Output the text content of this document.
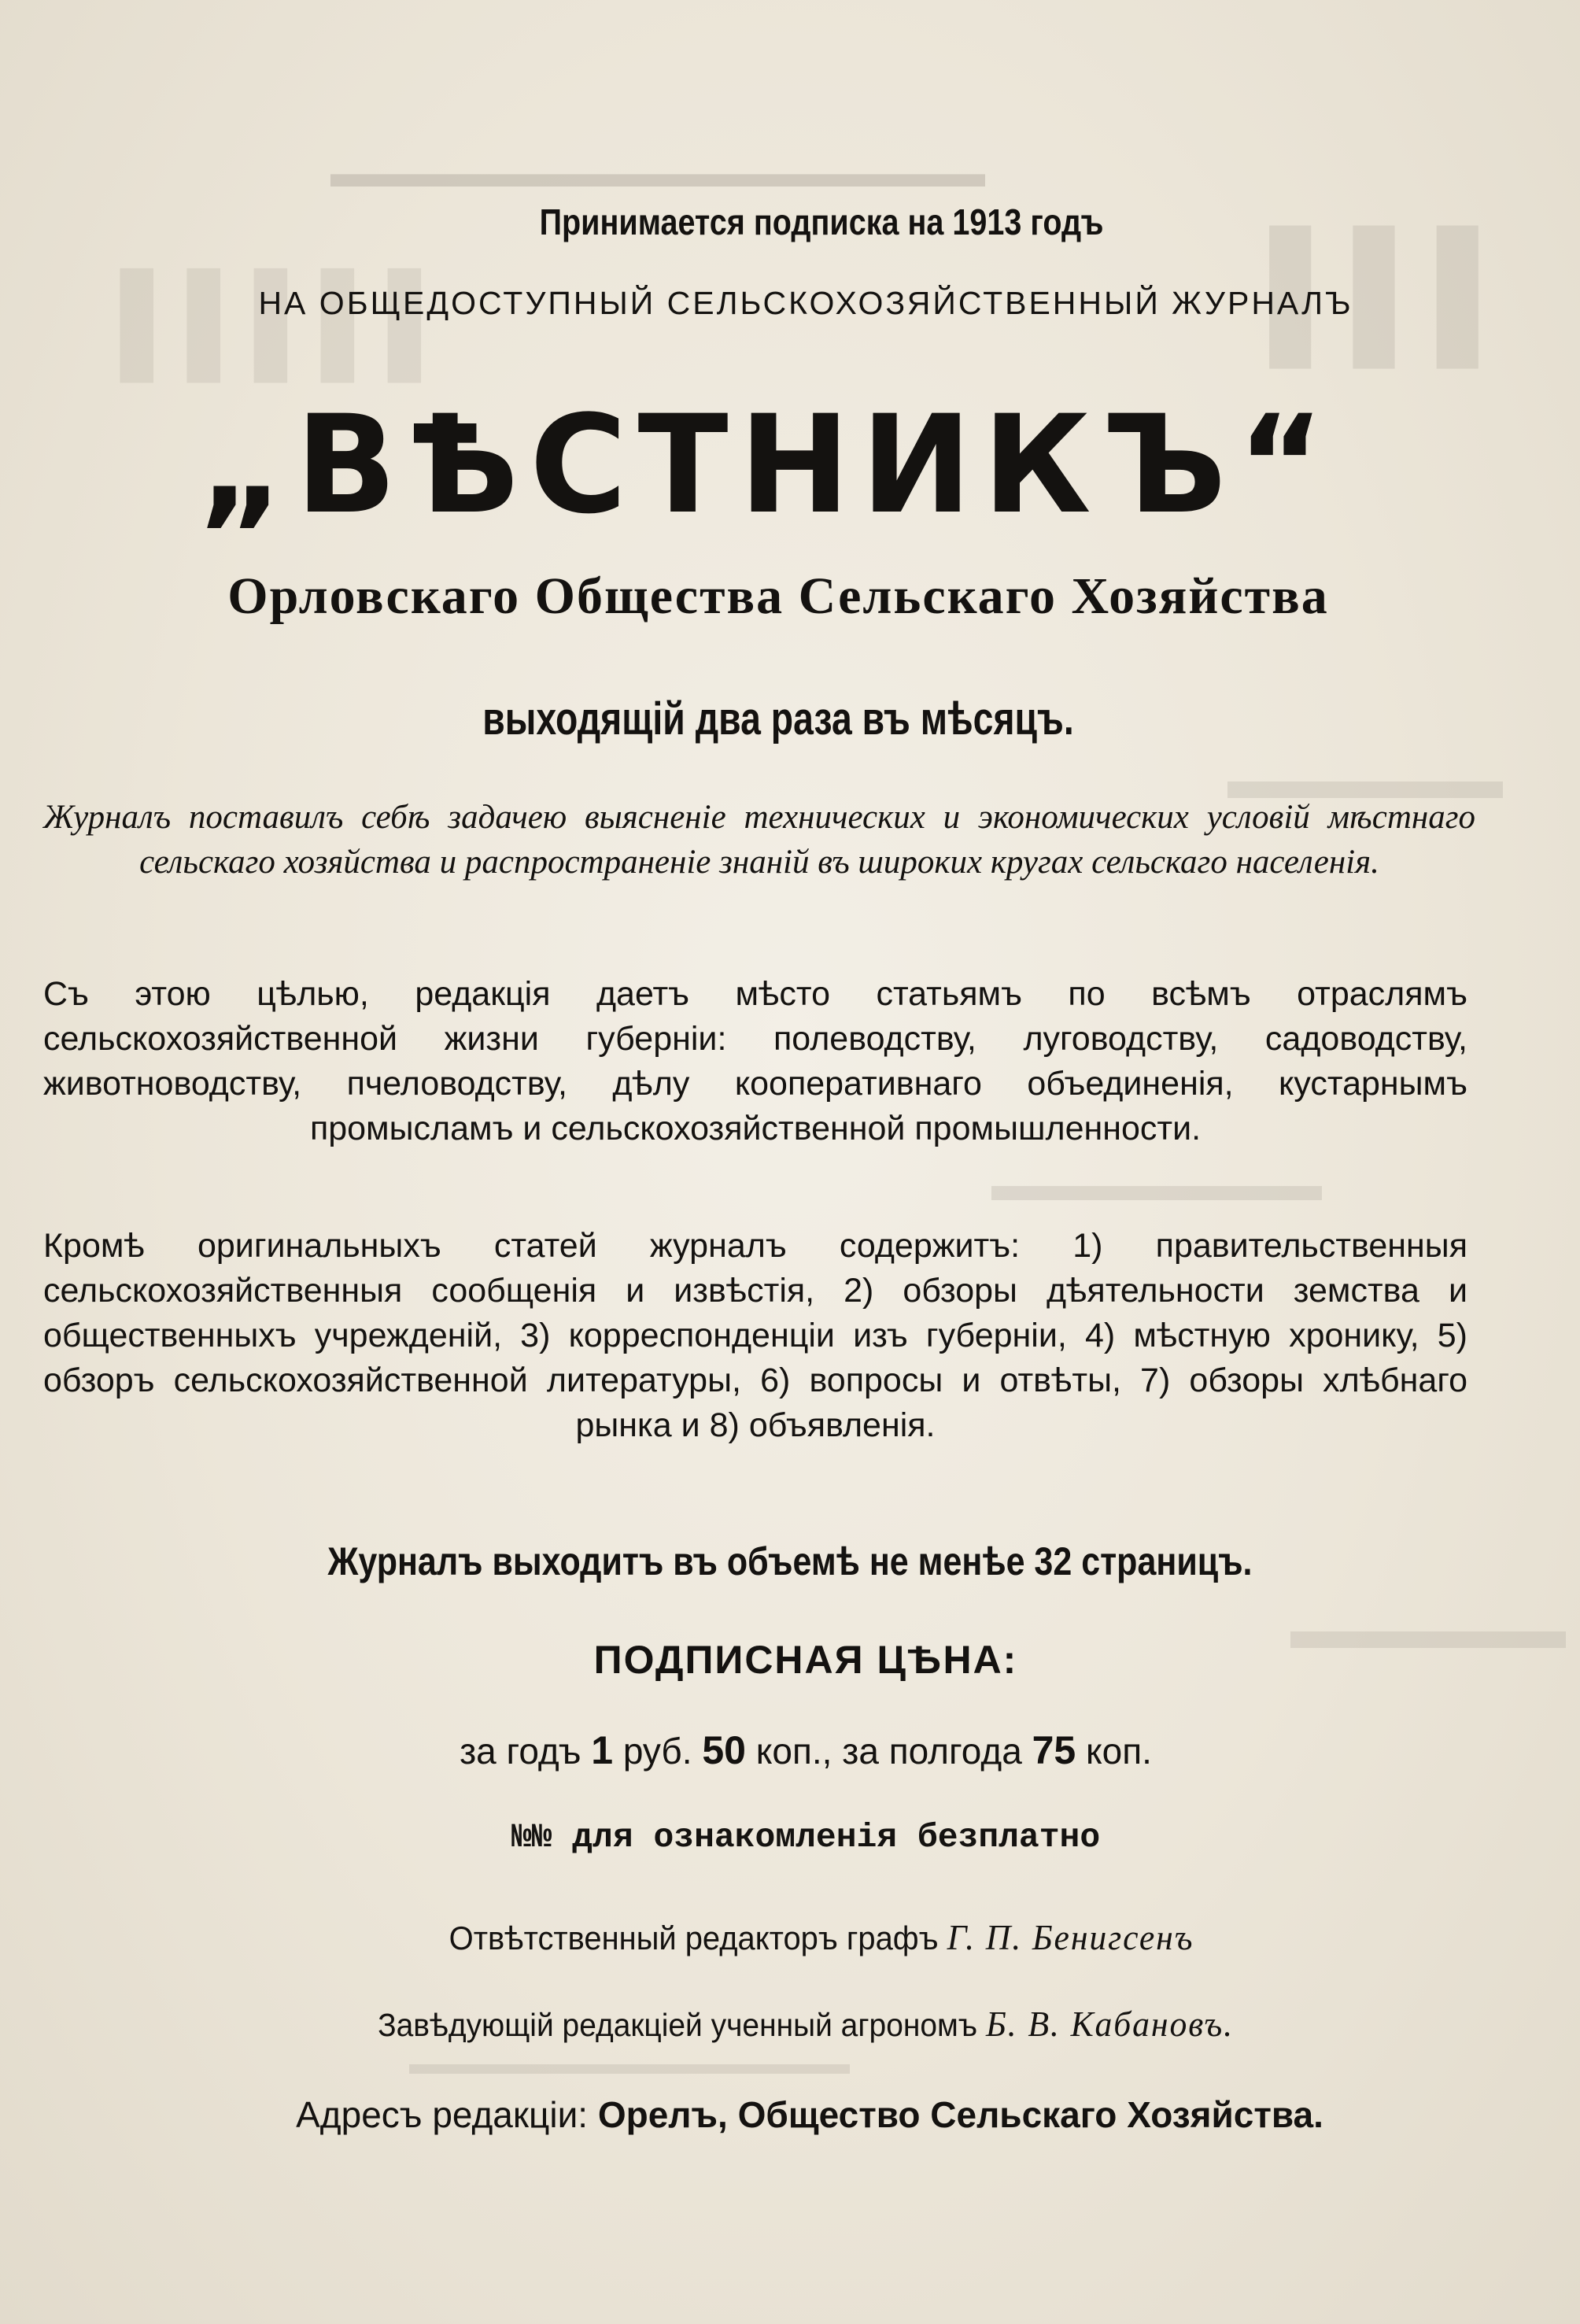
▬▬▬▬▬▬▬▬▬▬▬▬▬▬▬▬
▌▌▌
▌▌▌▌▌
▬▬▬▬▬
▬▬▬▬▬▬▬
▬▬▬▬▬
▬▬▬▬▬▬▬▬▬▬▬▬▬▬
Принимается подписка на 1913 годъ
НА ОБЩЕДОСТУПНЫЙ СЕЛЬСКОХОЗЯЙСТВЕННЫЙ ЖУРНАЛЪ
„ВѢСТНИКЪ“
Орловскаго Общества Сельскаго Хозяйства
выходящій два раза въ мѣсяцъ.
Журналъ поставилъ себѣ задачею выясненіе технических и экономических условій мѣстнаго сельскаго хозяйства и распространеніе знаній въ широких кругах сельскаго населенія.
Съ этою цѣлью, редакція даетъ мѣсто статьямъ по всѣмъ отраслямъ сельскохозяйственной жизни губерніи: полеводству, луговодству, садоводству, животноводству, пчеловодству, дѣлу кооперативнаго объединенія, кустарнымъ промысламъ и сельскохозяйственной промышленности.
Кромѣ оригинальныхъ статей журналъ содержитъ: 1) правительственныя сельскохозяйственныя сообщенія и извѣстія, 2) обзоры дѣятельности земства и общественныхъ учрежденій, 3) корреспонденціи изъ губерніи, 4) мѣстную хронику, 5) обзоръ сельскохозяйственной литературы, 6) вопросы и отвѣты, 7) обзоры хлѣбнаго рынка и 8) объявленія.
Журналъ выходитъ въ объемѣ не менѣе 32 страницъ.
ПОДПИСНАЯ ЦѢНА:
за годъ 1 руб. 50 коп., за полгода 75 коп.
№№ для ознакомленія безплатно
Отвѣтственный редакторъ графъ Г. П. Бенигсенъ
Завѣдующій редакціей ученный агрономъ Б. В. Кабановъ.
Адресъ редакціи: Орелъ, Общество Сельскаго Хозяйства.
